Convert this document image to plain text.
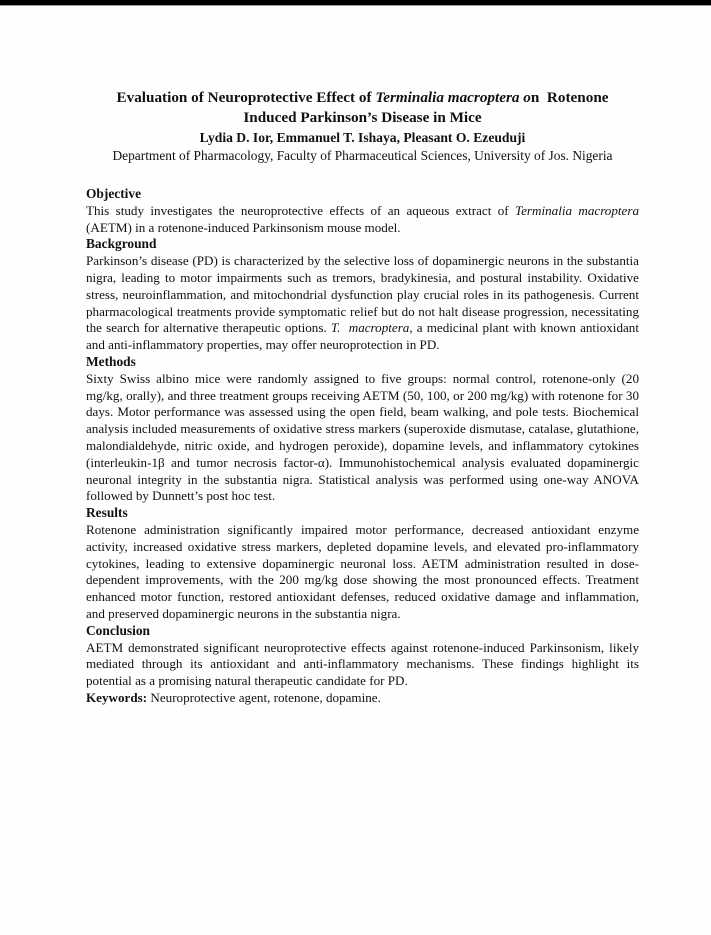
Evaluation of Neuroprotective Effect of Terminalia macroptera on  Rotenone
Induced Parkinson’s Disease in Mice

Lydia D. Ior, Emmanuel T. Ishaya, Pleasant O. Ezeuduji

Department of Pharmacology, Faculty of Pharmaceutical Sciences, University of Jos. Nigeria

Objective

This study investigates the neuroprotective effects of an aqueous extract of Terminalia macroptera (AETM) in a rotenone-induced Parkinsonism mouse model.

Background

Parkinson’s disease (PD) is characterized by the selective loss of dopaminergic neurons in the substantia nigra, leading to motor impairments such as tremors, bradykinesia, and postural instability. Oxidative stress, neuroinflammation, and mitochondrial dysfunction play crucial roles in its pathogenesis. Current pharmacological treatments provide symptomatic relief but do not halt disease progression, necessitating the search for alternative therapeutic options. T.  macroptera, a medicinal plant with known antioxidant and anti-inflammatory properties, may offer neuroprotection in PD.

Methods

Sixty Swiss albino mice were randomly assigned to five groups: normal control, rotenone-only (20 mg/kg, orally), and three treatment groups receiving AETM (50, 100, or 200 mg/kg) with rotenone for 30 days. Motor performance was assessed using the open field, beam walking, and pole tests. Biochemical analysis included measurements of oxidative stress markers (superoxide dismutase, catalase, glutathione, malondialdehyde, nitric oxide, and hydrogen peroxide), dopamine levels, and inflammatory cytokines (interleukin-1β and tumor necrosis factor-α). Immunohistochemical analysis evaluated dopaminergic neuronal integrity in the substantia nigra. Statistical analysis was performed using one-way ANOVA followed by Dunnett’s post hoc test.

Results

Rotenone administration significantly impaired motor performance, decreased antioxidant enzyme activity, increased oxidative stress markers, depleted dopamine levels, and elevated pro-inflammatory cytokines, leading to extensive dopaminergic neuronal loss. AETM administration resulted in dose-dependent improvements, with the 200 mg/kg dose showing the most pronounced effects. Treatment enhanced motor function, restored antioxidant defenses, reduced oxidative damage and inflammation, and preserved dopaminergic neurons in the substantia nigra.

Conclusion

AETM demonstrated significant neuroprotective effects against rotenone-induced Parkinsonism, likely mediated through its antioxidant and anti-inflammatory mechanisms. These findings highlight its potential as a promising natural therapeutic candidate for PD.

Keywords: Neuroprotective agent, rotenone, dopamine.
